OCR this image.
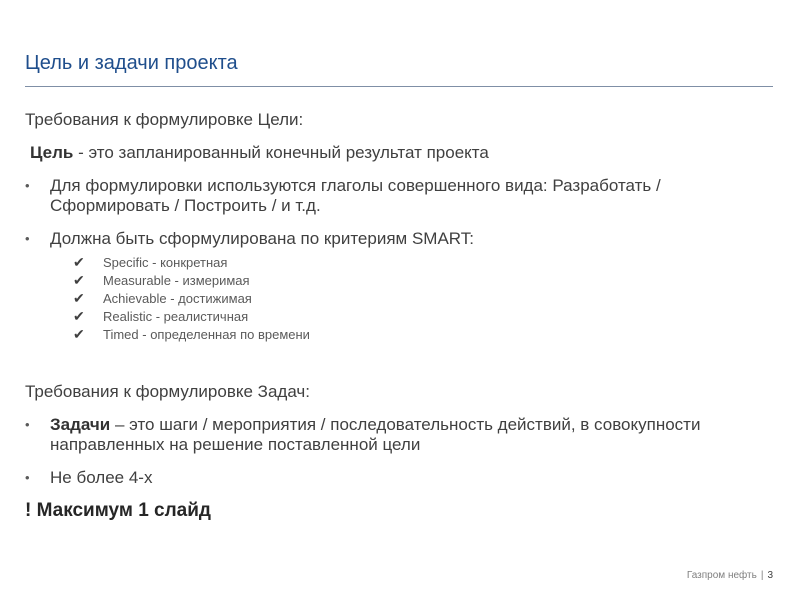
Цель и задачи проекта

Требования к формулировке Цели:

Цель - это запланированный конечный результат проекта

•	Для формулировки используются глаголы совершенного вида: Разработать / Сформировать / Построить / и т.д.
•	Должна быть сформулирована по критериям SMART:
✔	Specific - конкретная
✔	Measurable - измеримая
✔	Achievable - достижимая
✔	Realistic - реалистичная
✔	Timed - определенная по времени

Требования к формулировке Задач:

•	Задачи – это шаги / мероприятия / последовательность действий, в совокупности направленных на решение поставленной цели
•	Не более 4-х

! Максимум 1 слайд

Газпром нефть | 3
